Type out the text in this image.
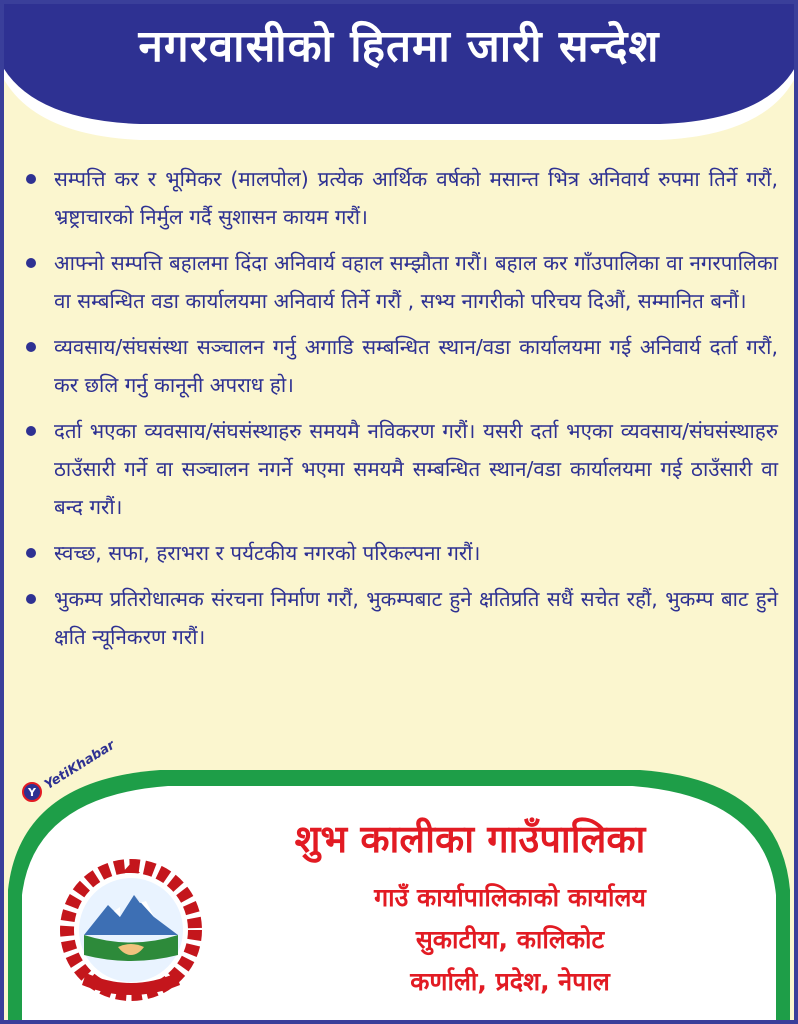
नगरवासीको हितमा जारी सन्देश
सम्पत्ति कर र भूमिकर (मालपोल) प्रत्येक आर्थिक वर्षको मसान्त भित्र अनिवार्य रुपमा तिर्ने गरौं, भ्रष्ट्राचारको निर्मुल गर्दै सुशासन कायम गरौं।
आफ्नो सम्पत्ति बहालमा दिंदा अनिवार्य वहाल सम्झौता गरौं। बहाल कर गाँउपालिका वा नगरपालिका वा सम्बन्धित वडा कार्यालयमा अनिवार्य तिर्ने गरौं , सभ्य नागरीको परिचय दिऔं, सम्मानित बनौं।
व्यवसाय/संघसंस्था सञ्चालन गर्नु अगाडि सम्बन्धित स्थान/वडा कार्यालयमा गई अनिवार्य दर्ता गरौं, कर छलि गर्नु कानूनी अपराध हो।
दर्ता भएका व्यवसाय/संघसंस्थाहरु समयमै नविकरण गरौं। यसरी दर्ता भएका व्यवसाय/संघसंस्थाहरु ठाउँसारी गर्ने वा सञ्चालन नगर्ने भएमा समयमै सम्बन्धित स्थान/वडा कार्यालयमा गई ठाउँसारी वा बन्द गरौं।
स्वच्छ, सफा, हराभरा र पर्यटकीय नगरको परिकल्पना गरौं।
भुकम्प प्रतिरोधात्मक संरचना निर्माण गरौं, भुकम्पबाट हुने क्षतिप्रति सधैं सचेत रहौं, भुकम्प बाट हुने क्षति न्यूनिकरण गरौं।
Y YetiKhabar
शुभ कालीका गाउँपालिका
गाउँ कार्यापालिकाको कार्यालय
सुकाटीया, कालिकोट
कर्णाली, प्रदेश, नेपाल
